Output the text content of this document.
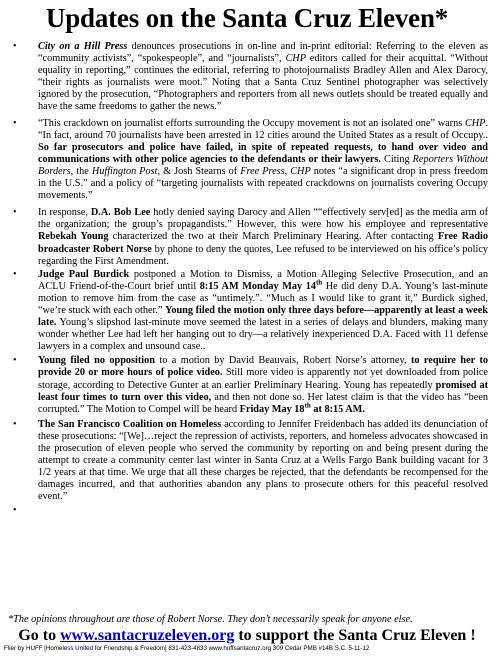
Updates on the Santa Cruz Eleven*
• City on a Hill Press denounces prosecutions in on-line and in-print editorial: Referring to the eleven as “community activists”, “spokespeople”, and “journalists”, CHP editors called for their acquittal. “Without equality in reporting,” continues the editorial, referring to photojournalists Bradley Allen and Alex Darocy, “their rights as journalists were moot.” Noting that a Santa Cruz Sentinel photographer was selectively ignored by the prosecution, “Photographers and reporters from all news outlets should be treated equally and have the same freedoms to gather the news.”
• “This crackdown on journalist efforts surrounding the Occupy movement is not an isolated one” warns CHP. “In fact, around 70 journalists have been arrested in 12 cities around the United States as a result of Occupy.. So far prosecutors and police have failed, in spite of repeated requests, to hand over video and communications with other police agencies to the defendants or their lawyers. Citing Reporters Without Borders, the Huffington Post, & Josh Stearns of Free Press, CHP notes “a significant drop in press freedom in the U.S.” and a policy of “targeting journalists with repeated crackdowns on journalists covering Occupy movements.”
• In response, D.A. Bob Lee hotly denied saying Darocy and Allen ““effectively serv[ed] as the media arm of the organization; the group’s propagandists.” However, this were how his employee and representative Rebekah Young characterized the two at their March Preliminary Hearing. After contacting Free Radio broadcaster Robert Norse by phone to deny the quotes, Lee refused to be interviewed on his office’s policy regarding the First Amendment.
• Judge Paul Burdick postponed a Motion to Dismiss, a Motion Alleging Selective Prosecution, and an ACLU Friend-of-the-Court brief until 8:15 AM Monday May 14th He did deny D.A. Young’s last-minute motion to remove him from the case as “untimely.”. “Much as I would like to grant it,” Burdick sighed, “we’re stuck with each other.” Young filed the motion only three days before—apparently at least a week late. Young’s slipshod last-minute move seemed the latest in a series of delays and blunders, making many wonder whether Lee had left her hanging out to dry—a relatively inexperienced D.A. Faced with 11 defense lawyers in a complex and unsound case..
• Young filed no opposition to a motion by David Beauvais, Robert Norse’s attorney, to require her to provide 20 or more hours of police video. Still more video is apparently not yet downloaded from police storage, according to Detective Gunter at an earlier Preliminary Hearing. Young has repeatedly promised at least four times to turn over this video, and then not done so. Her latest claim is that the video has “been corrupted.” The Motion to Compel will be heard Friday May 18th at 8:15 AM.
• The San Francisco Coalition on Homeless according to Jennifer Freidenbach has added its denunciation of these prosecutions: “[We]…reject the repression of activists, reporters, and homeless advocates showcased in the prosecution of eleven people who served the community by reporting on and being present during the attempt to create a community center last winter in Santa Cruz at a Wells Fargo Bank building vacant for 3 1/2 years at that time. We urge that all these charges be rejected, that the defendants be recompensed for the damages incurred, and that authorities abandon any plans to prosecute others for this peaceful resolved event.”
•
*The opinions throughout are those of Robert Norse. They don’t necessarily speak for anyone else.
Go to www.santacruzeleven.org to support the Santa Cruz Eleven !
Flier by HUFF [Homeless United for Friendship & Freedom] 831-423-4833 www.huffsantacruz.org 309 Cedar PMB #14B S.C. 5-11-12
